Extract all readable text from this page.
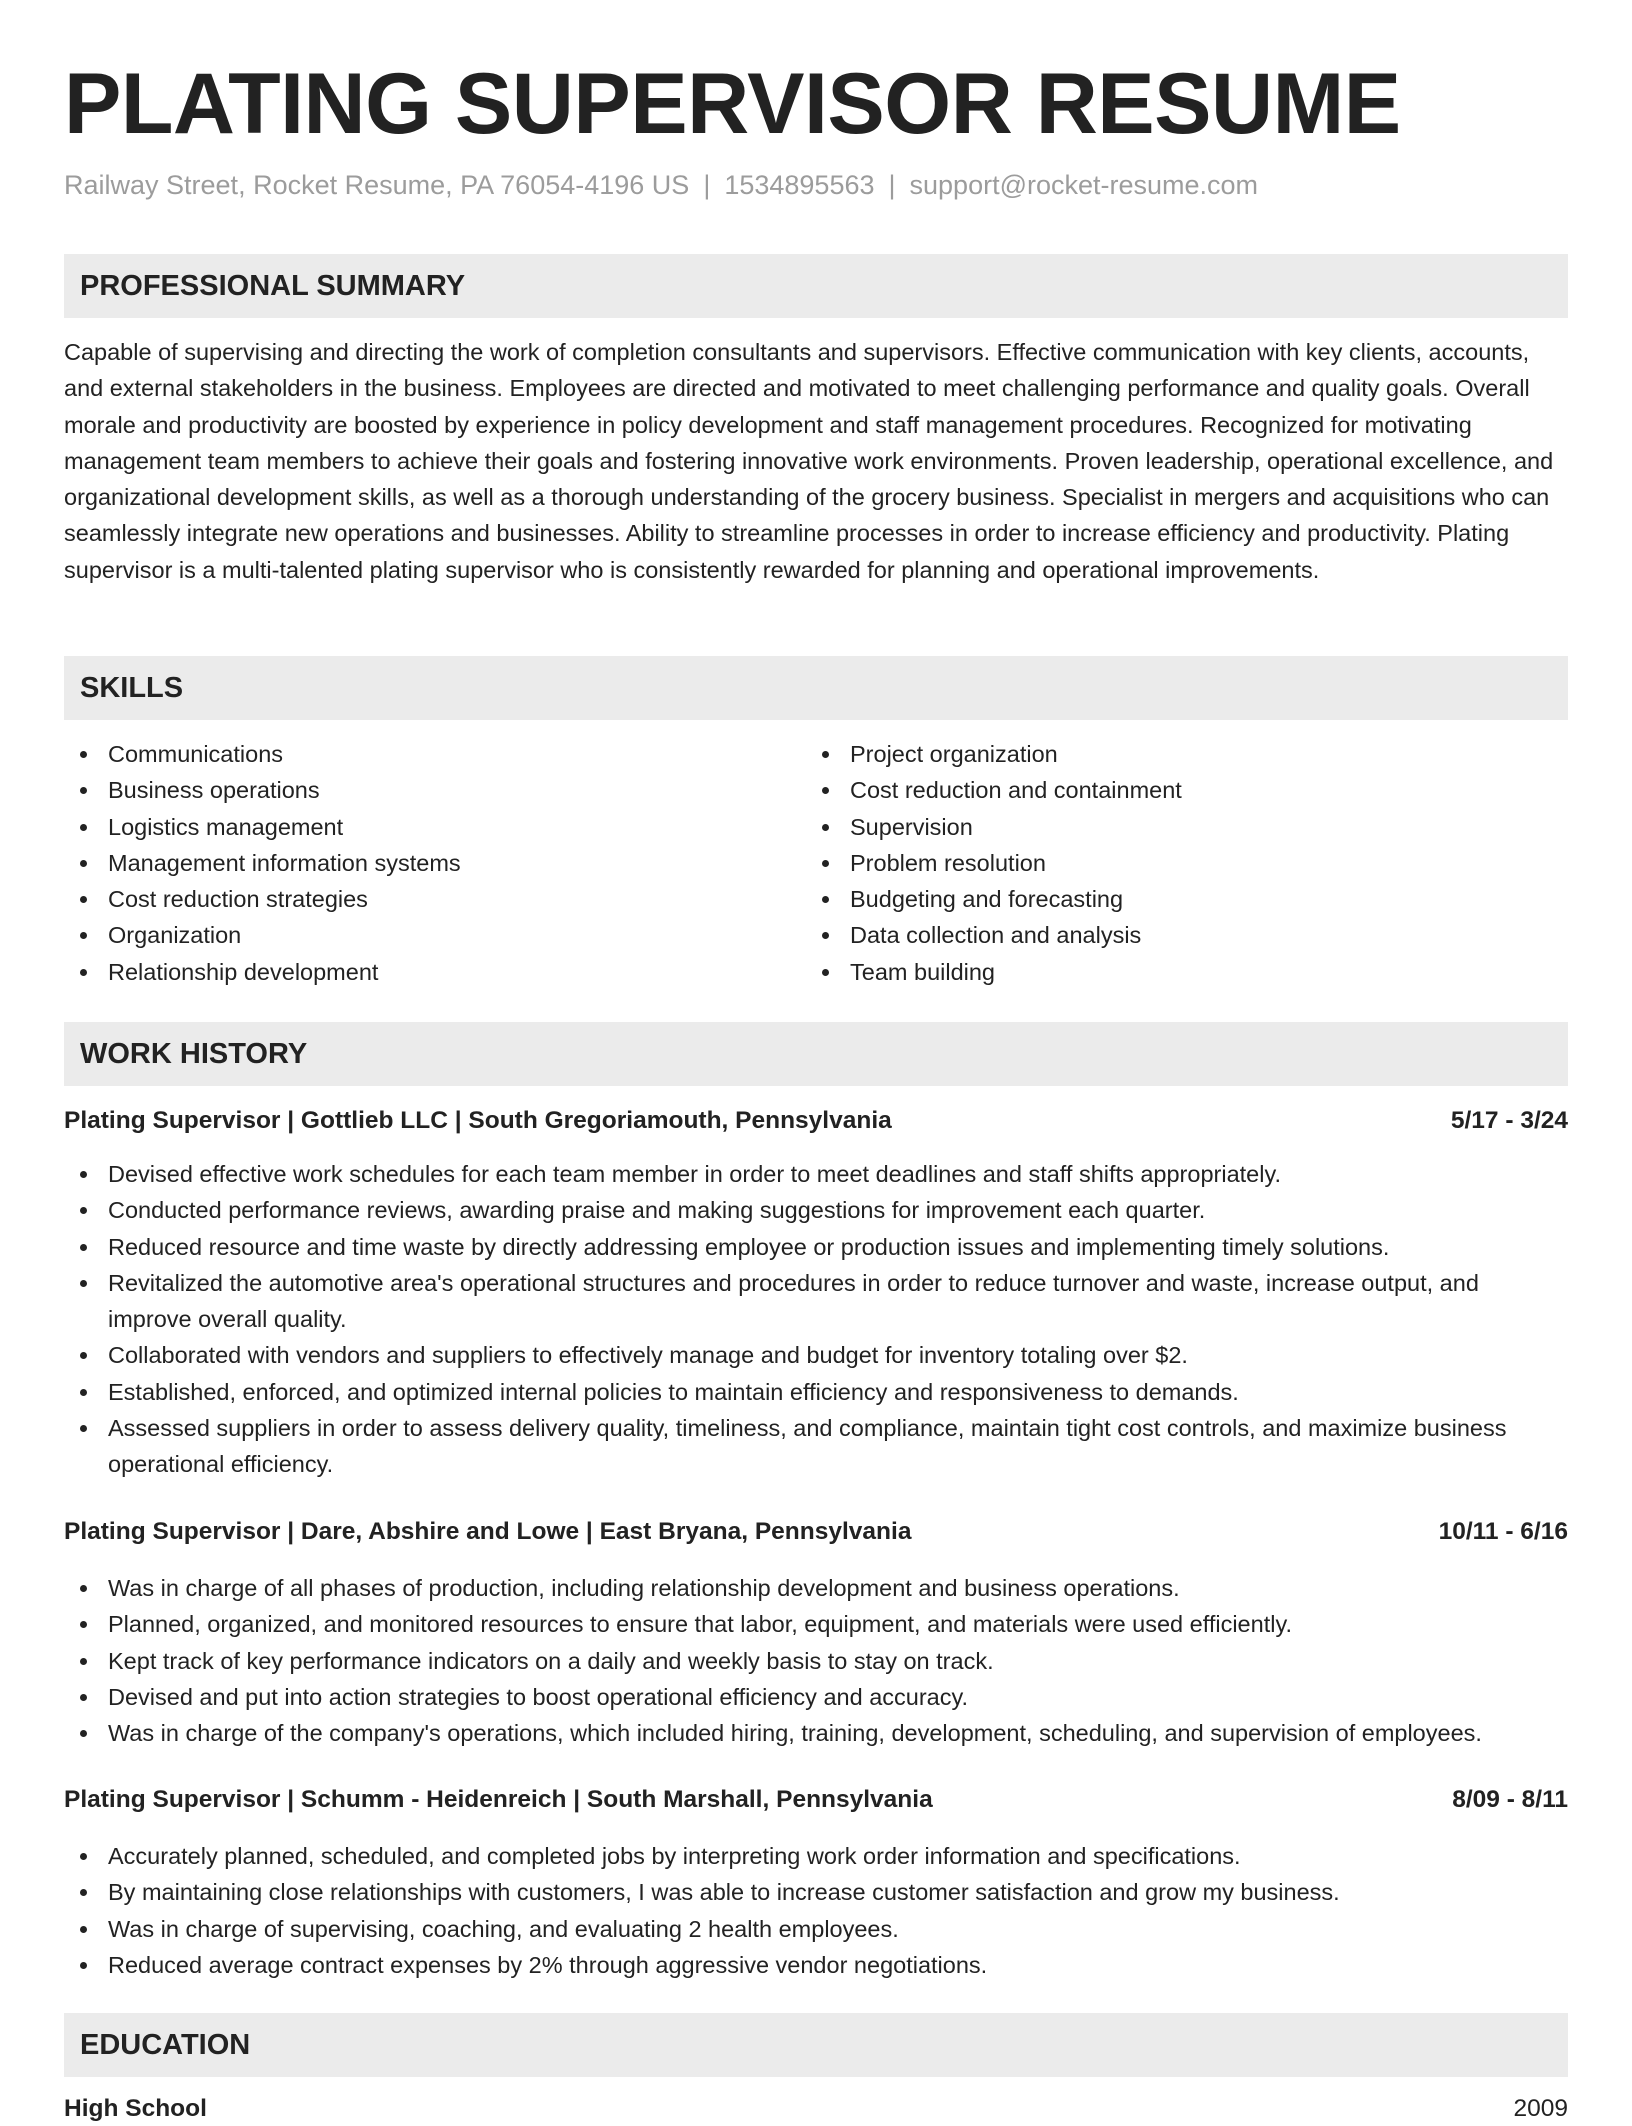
PLATING SUPERVISOR RESUME
Railway Street, Rocket Resume, PA 76054-4196 US | 1534895563 | support@rocket-resume.com
PROFESSIONAL SUMMARY

Capable of supervising and directing the work of completion consultants and supervisors. Effective communication with key clients, accounts, and external stakeholders in the business. Employees are directed and motivated to meet challenging performance and quality goals. Overall morale and productivity are boosted by experience in policy development and staff management procedures. Recognized for motivating management team members to achieve their goals and fostering innovative work environments. Proven leadership, operational excellence, and organizational development skills, as well as a thorough understanding of the grocery business. Specialist in mergers and acquisitions who can seamlessly integrate new operations and businesses. Ability to streamline processes in order to increase efficiency and productivity. Plating supervisor is a multi-talented plating supervisor who is consistently rewarded for planning and operational improvements.

SKILLS
Communications
Business operations
Logistics management
Management information systems
Cost reduction strategies
Organization
Relationship development
Project organization
Cost reduction and containment
Supervision
Problem resolution
Budgeting and forecasting
Data collection and analysis
Team building
WORK HISTORY
Plating Supervisor | Gottlieb LLC | South Gregoriamouth, Pennsylvania	5/17 - 3/24
Devised effective work schedules for each team member in order to meet deadlines and staff shifts appropriately.
Conducted performance reviews, awarding praise and making suggestions for improvement each quarter.
Reduced resource and time waste by directly addressing employee or production issues and implementing timely solutions.
Revitalized the automotive area's operational structures and procedures in order to reduce turnover and waste, increase output, and improve overall quality.
Collaborated with vendors and suppliers to effectively manage and budget for inventory totaling over $2.
Established, enforced, and optimized internal policies to maintain efficiency and responsiveness to demands.
Assessed suppliers in order to assess delivery quality, timeliness, and compliance, maintain tight cost controls, and maximize business operational efficiency.
Plating Supervisor | Dare, Abshire and Lowe | East Bryana, Pennsylvania	10/11 - 6/16
Was in charge of all phases of production, including relationship development and business operations.
Planned, organized, and monitored resources to ensure that labor, equipment, and materials were used efficiently.
Kept track of key performance indicators on a daily and weekly basis to stay on track.
Devised and put into action strategies to boost operational efficiency and accuracy.
Was in charge of the company's operations, which included hiring, training, development, scheduling, and supervision of employees.
Plating Supervisor | Schumm - Heidenreich | South Marshall, Pennsylvania	8/09 - 8/11
Accurately planned, scheduled, and completed jobs by interpreting work order information and specifications.
By maintaining close relationships with customers, I was able to increase customer satisfaction and grow my business.
Was in charge of supervising, coaching, and evaluating 2 health employees.
Reduced average contract expenses by 2% through aggressive vendor negotiations.
EDUCATION
High School	2009
